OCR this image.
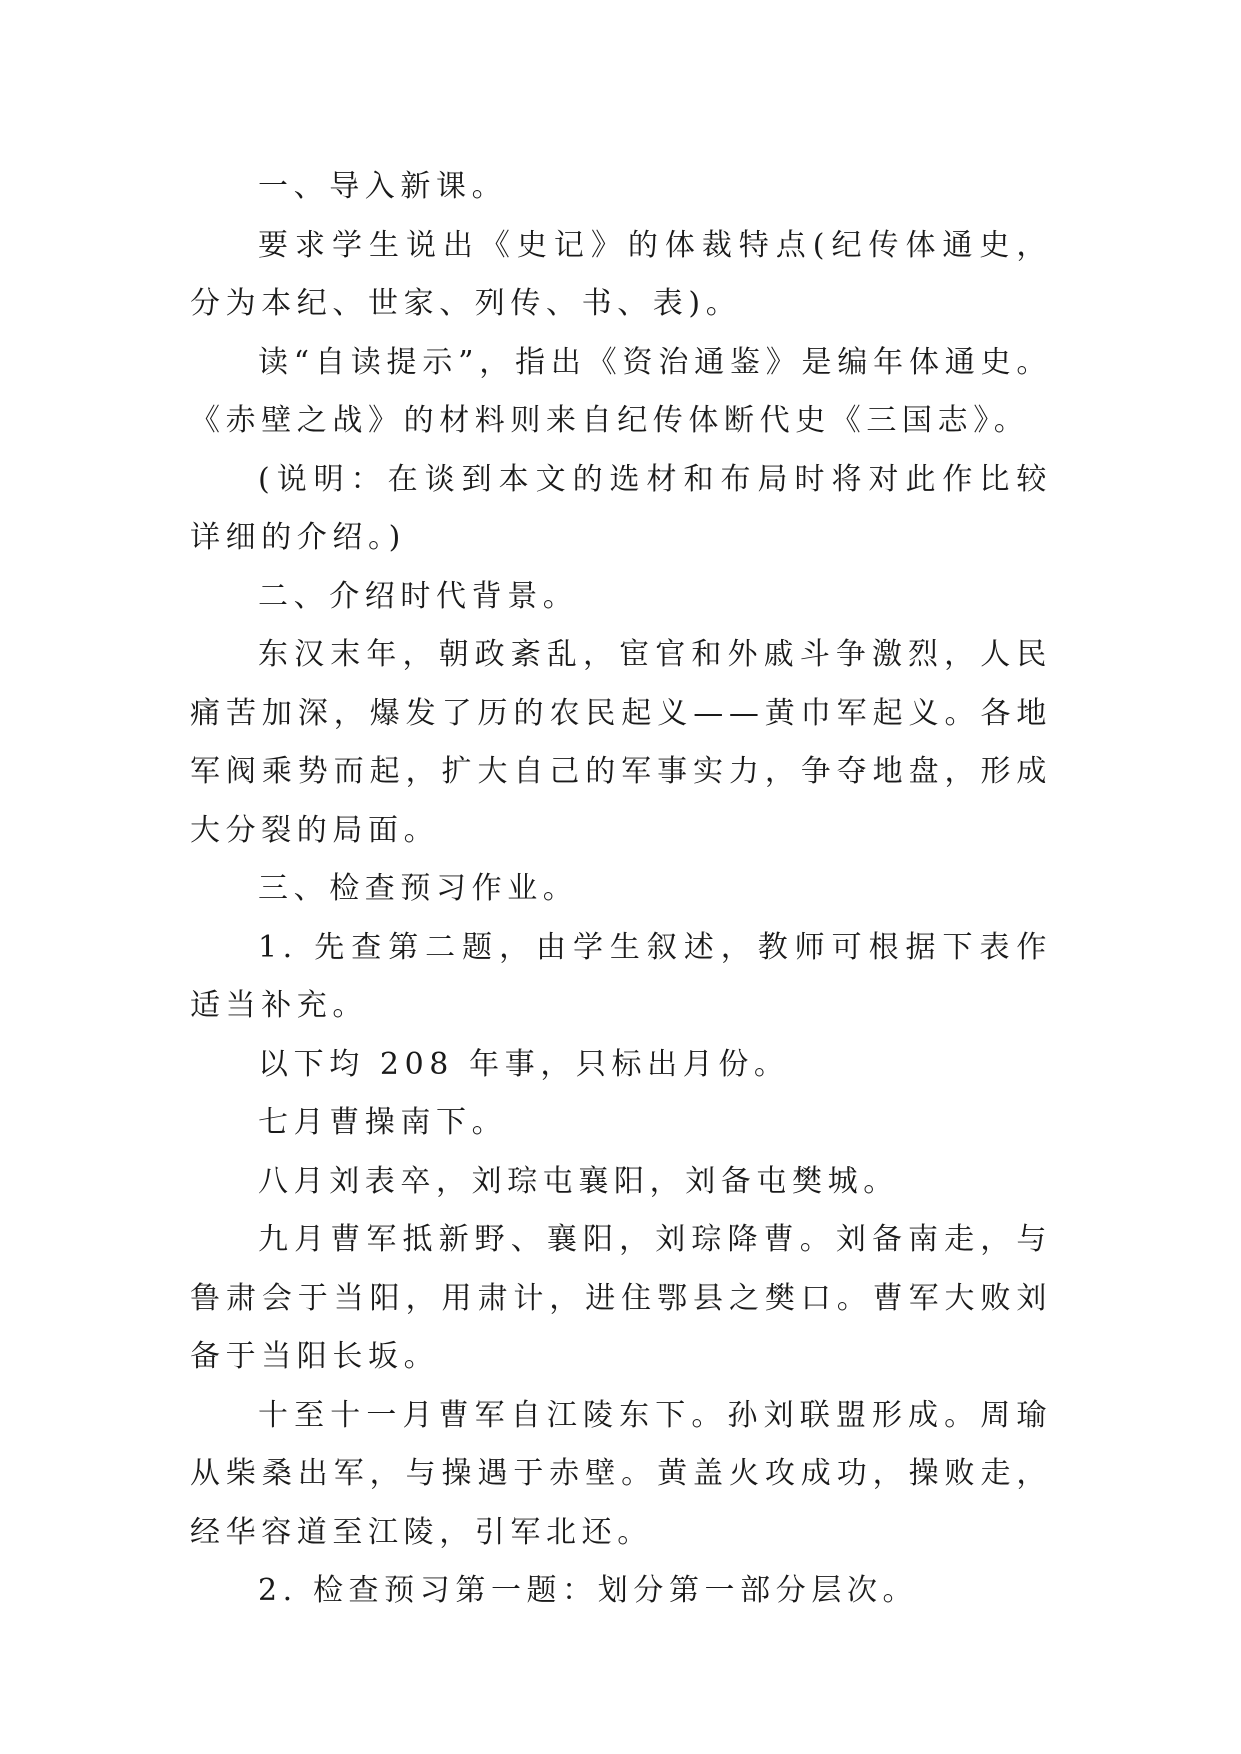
一、导入新课。

要求学生说出《史记》的体裁特点(纪传体通史，分为本纪、世家、列传、书、表)。

读“自读提示”，指出《资治通鉴》是编年体通史。《赤壁之战》的材料则来自纪传体断代史《三国志》。

(说明：在谈到本文的选材和布局时将对此作比较详细的介绍。)

二、介绍时代背景。

东汉末年，朝政紊乱，宦官和外戚斗争激烈，人民痛苦加深，爆发了历的农民起义——黄巾军起义。各地军阀乘势而起，扩大自己的军事实力，争夺地盘，形成大分裂的局面。

三、检查预习作业。

1. 先查第二题，由学生叙述，教师可根据下表作适当补充。

以下均 208 年事，只标出月份。

七月曹操南下。

八月刘表卒，刘琮屯襄阳，刘备屯樊城。

九月曹军抵新野、襄阳，刘琮降曹。刘备南走，与鲁肃会于当阳，用肃计，进住鄂县之樊口。曹军大败刘备于当阳长坂。

十至十一月曹军自江陵东下。孙刘联盟形成。周瑜从柴桑出军，与操遇于赤壁。黄盖火攻成功，操败走，经华容道至江陵，引军北还。

2. 检查预习第一题：划分第一部分层次。
